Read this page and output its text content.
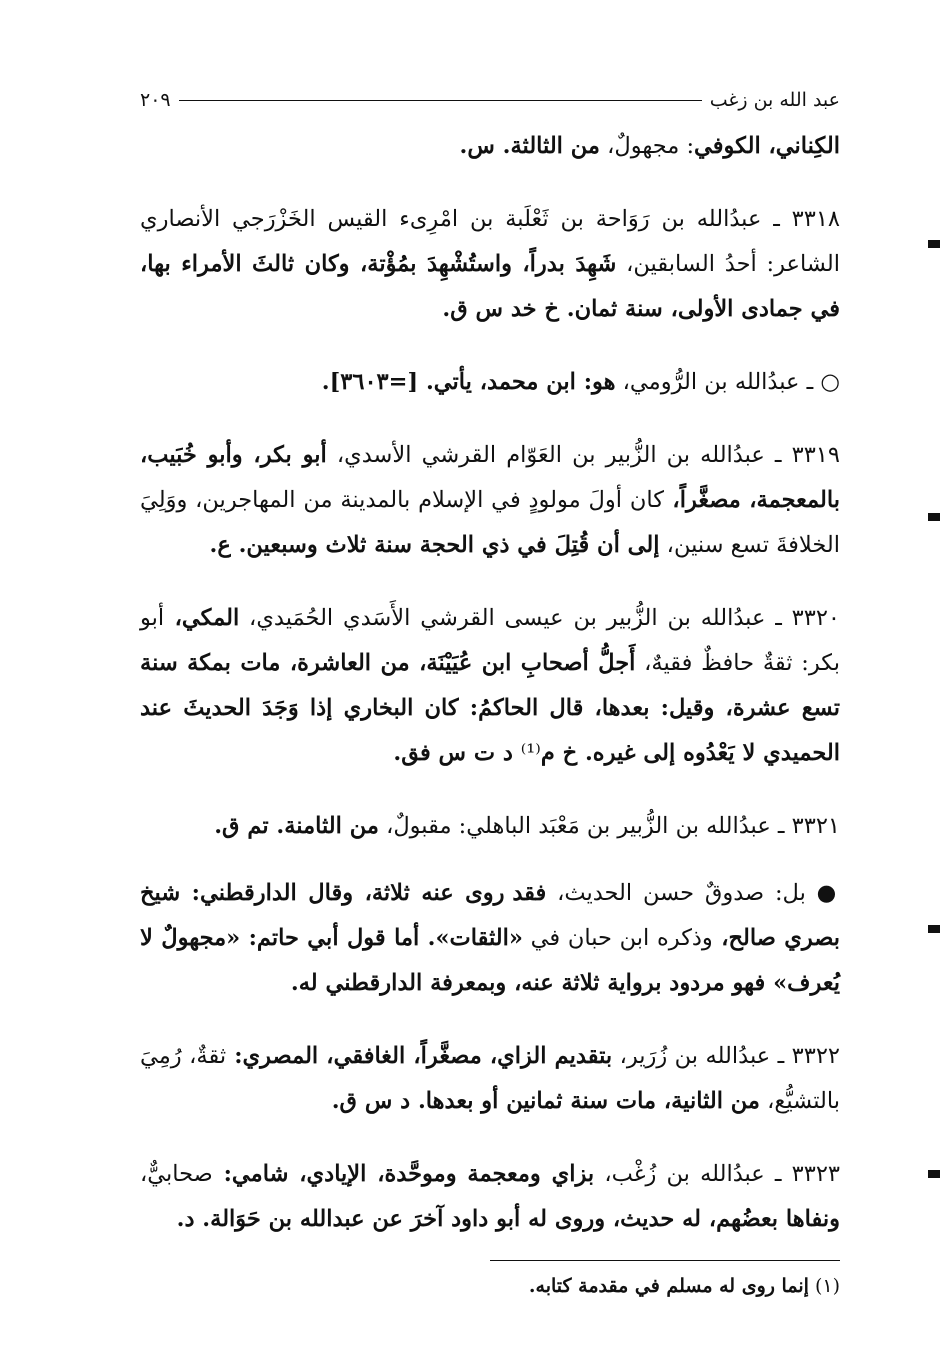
عبد الله بن زغب
٢٠٩

الكِناني، الكوفي: مجهولٌ، من الثالثة. س.

٣٣١٨ ـ عبدُالله بن رَوَاحة بن ثَعْلَبة بن امْرِىء القيس الخَزْرَجي الأنصاري الشاعر: أحدُ السابقين، شَهِدَ بدراً، واستُشْهِدَ بمُؤْتة، وكان ثالثَ الأمراء بها، في جمادى الأولى، سنة ثمان. خ خد س ق.

○ ـ عبدُالله بن الرُّومي، هو: ابن محمد، يأتي. [=٣٦٠٣].

٣٣١٩ ـ عبدُالله بن الزُّبير بن العَوّام القرشي الأسدي، أبو بكر، وأبو خُبَيب، بالمعجمة، مصغَّراً، كان أولَ مولودٍ في الإسلام بالمدينة من المهاجرين، ووَلِيَ الخلافةَ تسع سنين، إلى أن قُتِلَ في ذي الحجة سنة ثلاث وسبعين. ع.

٣٣٢٠ ـ عبدُالله بن الزُّبير بن عيسى القرشي الأَسَدي الحُمَيدي، المكي، أبو بكر: ثقةٌ حافظٌ فقيهٌ، أَجلُّ أصحابِ ابن عُيَيْنَة، من العاشرة، مات بمكة سنة تسع عشرة، وقيل: بعدها، قال الحاكمُ: كان البخاري إذا وَجَدَ الحديثَ عند الحميدي لا يَعْدُوه إلى غيره. خ م⁽¹⁾ د ت س فق.

٣٣٢١ ـ عبدُالله بن الزُّبير بن مَعْبَد الباهلي: مقبولٌ، من الثامنة. تم ق.

● بل: صدوقٌ حسن الحديث، فقد روى عنه ثلاثة، وقال الدارقطني: شيخ بصري صالح، وذكره ابن حبان في «الثقات». أما قول أبي حاتم: «مجهولٌ لا يُعرف» فهو مردود برواية ثلاثة عنه، وبمعرفة الدارقطني له.

٣٣٢٢ ـ عبدُالله بن زُرَير، بتقديم الزاي، مصغَّراً، الغافقي، المصري: ثقةٌ، رُمِيَ بالتشيُّع، من الثانية، مات سنة ثمانين أو بعدها. د س ق.

٣٣٢٣ ـ عبدُالله بن زُغْب، بزاي ومعجمة وموحَّدة، الإيادي، شامي: صحابيٌّ، ونفاها بعضُهم، له حديث، وروى له أبو داود آخرَ عن عبدالله بن حَوَالة. د.

(١) إنما روى له مسلم في مقدمة كتابه.
